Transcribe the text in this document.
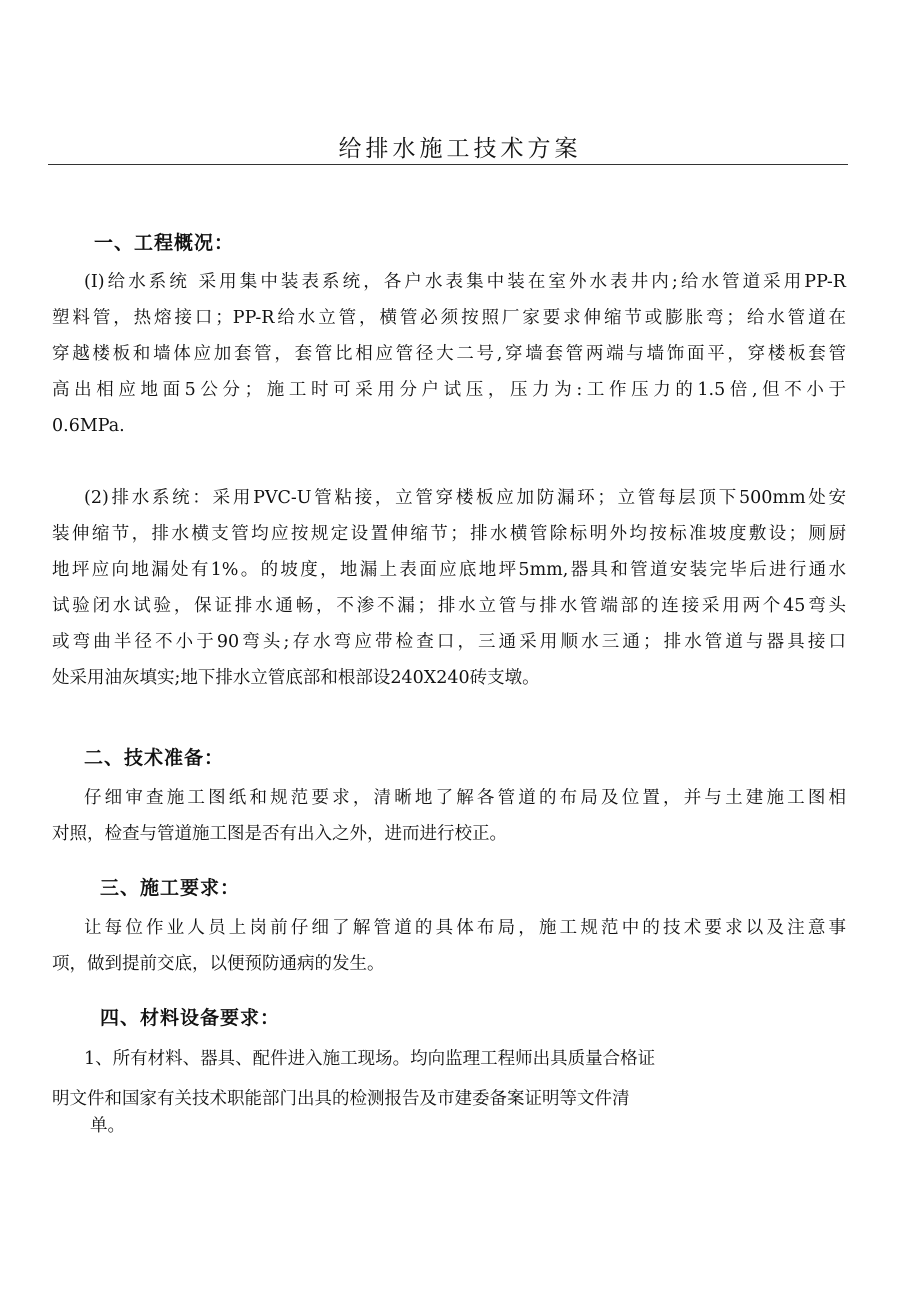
给排水施工技术方案
一、工程概况：
(I)给水系统 采用集中装表系统，各户水表集中装在室外水表井内;给水管道采用PP-R
塑料管，热熔接口；PP-R给水立管，横管必须按照厂家要求伸缩节或膨胀弯；给水管道在
穿越楼板和墙体应加套管，套管比相应管径大二号,穿墙套管两端与墙饰面平，穿楼板套管
高出相应地面5公分；施工时可采用分户试压，压力为:工作压力的1.5倍,但不小于
0.6MPa.
(2)排水系统：采用PVC-U管粘接，立管穿楼板应加防漏环；立管每层顶下500mm处安
装伸缩节，排水横支管均应按规定设置伸缩节；排水横管除标明外均按标准坡度敷设；厕厨
地坪应向地漏处有1%。的坡度，地漏上表面应底地坪5mm,器具和管道安装完毕后进行通水
试验闭水试验，保证排水通畅，不渗不漏；排水立管与排水管端部的连接采用两个45弯头
或弯曲半径不小于90弯头;存水弯应带检查口，三通采用顺水三通；排水管道与器具接口
处采用油灰填实;地下排水立管底部和根部设240X240砖支墩。
二、技术准备：
仔细审查施工图纸和规范要求，清晰地了解各管道的布局及位置，并与土建施工图相
对照，检查与管道施工图是否有出入之外，进而进行校正。
三、施工要求：
让每位作业人员上岗前仔细了解管道的具体布局，施工规范中的技术要求以及注意事
项，做到提前交底，以便预防通病的发生。
四、材料设备要求：
1、所有材料、器具、配件进入施工现场。均向监理工程师出具质量合格证
明文件和国家有关技术职能部门出具的检测报告及市建委备案证明等文件清
单。
